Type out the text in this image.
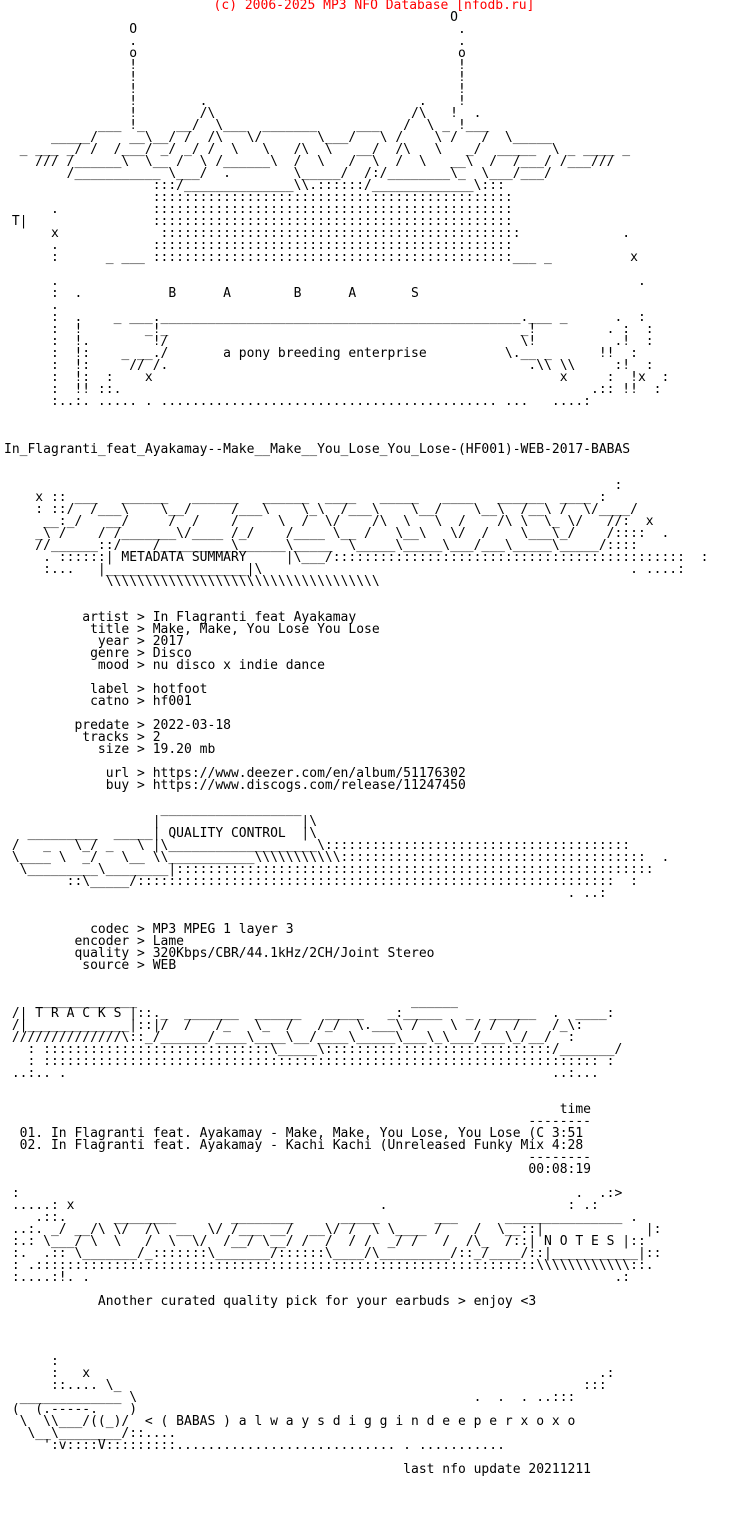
(c) 2006-2025 MP3 NFO Database [nfodb.ru]
O
O                                         .
.                                         .
o                                         o
!                                         !
!                                         !
!                                         !
!        .                           .    !
!        /\                         /\   !  .
___ !_    __/  \___  _______     ___   /  \ _ !___
_____/    __\__/ /  /\   \/       \___/   \ /    \ /   /  \_____
_ ___ _/ /  /___/ _/ _/ /  \   \   /\  \   __/  /\   \   _/  _____  \ _ ____ _
/// /______\  \__ /  \ /______\  /  \   /  \  /  \   __\  /  /___/ /___///
/___________ \___/  .        \_____/  /:/________\_  \___/___/
:::/______________\\.::::::/_____________\:::
::::::::::::::::::::::::::::::::::::::::::::::
.            ::::::::::::::::::::::::::::::::::::::::::::::
T|                ::::::::::::::::::::::::::::::::::::::::::::::
x             ::::::::::::::::::::::::::::::::::::::::::::::             .
.            ::::::::::::::::::::::::::::::::::::::::::::::
:      _ ___ ::::::::::::::::::::::::::::::::::::::::::::::___ _          x
.                                                                          .
:  .           B      A        B      A       S
.
:  .    _ ___.______________________________________________.___ _      .  :
:  !        _!_                                             _!         . :  :
:  !.        !/                                             \!          .!  :
:  !:    _ __./       a pony breeding enterprise          \.__ _      !!  :
:  !:     // /.                                              .\\ \\     :!  :
:  !:  :    x                                                    x     :  !x  :
:  !! ::.                                                            .:: !!  :
:..:. ..... . ........................................... ...   ....:
In_Flagranti_feat_Ayakamay--Make__Make__You_Lose_You_Lose-(HF001)-WEB-2017-BABAS
:
x :: ___   ______   ______   ______  ____   _____   ____   ______  ____ :
: ::/  /___\    \__/     /___\    \_\  /___\    \__/    \__\  /__\ /  \/____/
__:_/   __/     /  /    /     \  /  \/    /\  \   \  /    /\ \  \_ \/   //:  x
_\ /    / /_______\/____ /_/    /____ \__ /   \__\   \/  /    \___\_/    /::::  .
//______::/    /_________\______\_____  \_____\_____\___/___\_____\_____/::::
. ::::::| METADATA SUMMARY     |\___/:::::::::::::::::::::::::::::::::::::::::::::  :
:...   |__________________|\                                               . ....:
\\\\\\\\\\\\\\\\\\\\\\\\\\\\\\\\\\\
artist > In Flagranti feat Ayakamay
title > Make, Make, You Lose You Lose
year > 2017
genre > Disco
mood > nu disco x indie dance
label > hotfoot
catno > hf001
predate > 2022-03-18
tracks > 2
size > 19.20 mb
url > https://www.deezer.com/en/album/51176302
buy > https://www.discogs.com/release/11247450
__________________
|                  |\
_________  _____| QUALITY CONTROL  |\
/   _   \_/ _   \ |\___________________\:::::::::::::::::::::::::::::::::::::::
\____ \  _/   \__ \\___________\\\\\\\\\\\:::::::::::::::::::::::::::::::::::::::  .
\_________\________|:::::::::::::::::::::::::::::::::::::::::::::::::::::::::::::
::\_____/:::::::::::::::::::::::::::::::::::::::::::::::::::::::::::::  :
. ..:
codec > MP3 MPEG 1 layer 3
encoder > Lame
quality > 320Kbps/CBR/44.1kHz/2CH/Joint Stereo
source > WEB
_____________                                   ______
/| T R A C K S |::._  _______  ______   _____   _:_____   _  ______  .  ____:
/|_____________|::|/  /   /_   \_  /   /_/  \.___\ /    \  / /  /    /_\:
//////////////\::_/______/____\____\__/____\_____\___\_\___/___\_/__/  :
: :::::::::::::::::::::::::::::\_____\:::::::::::::::::::::::::::::/_______/
: ::::::::::::::::::::::::::::::::::::::::::::::::::::::::::::::::::::::: :
..:.. .                                                              ..:...
time
--------
01. In Flagranti feat. Ayakamay - Make, Make, You Lose, You Lose (C 3:51
02. In Flagranti feat. Ayakamay - Kachi Kachi (Unreleased Funky Mix 4:28
--------
00:08:19
:                                                                       .  .:>
.....: x                                       .                       : .:
.::.      ________       ________      _____       ___      _______________ .
..:. _/ __/\ \/  /\  __  \/ /___ __/  __\/ /  \ \____ /    /  \__::|             |:
:.: \___/ \  \   /  \  \/  /__/ \__/ /  /  / /  _/ /   /  /\_  /::| N O T E S |::
:.  .:: \_______/_:::::::\_______/::::::\____/\_________/::_/____/::|___________|::
: .::::::::::::::::::::::::::::::::::::::::::::::::::::::::::::::::\\\\\\\\\\\\::.
:....:!. .                                                                   .:
Another curated quality pick for your earbuds > enjoy <3
:
:   x                                                                 .:
::.... \_                                                           :::
_____________ \                                           .  .  . ..:::
(  (.-----.    )
\  \\___/((_)/  < ( BABAS ) a l w a y s d i g g i n d e e p e r x o x o
\__\________/::....
':v::::V:::::::::............................ . ...........
last nfo update 20211211
